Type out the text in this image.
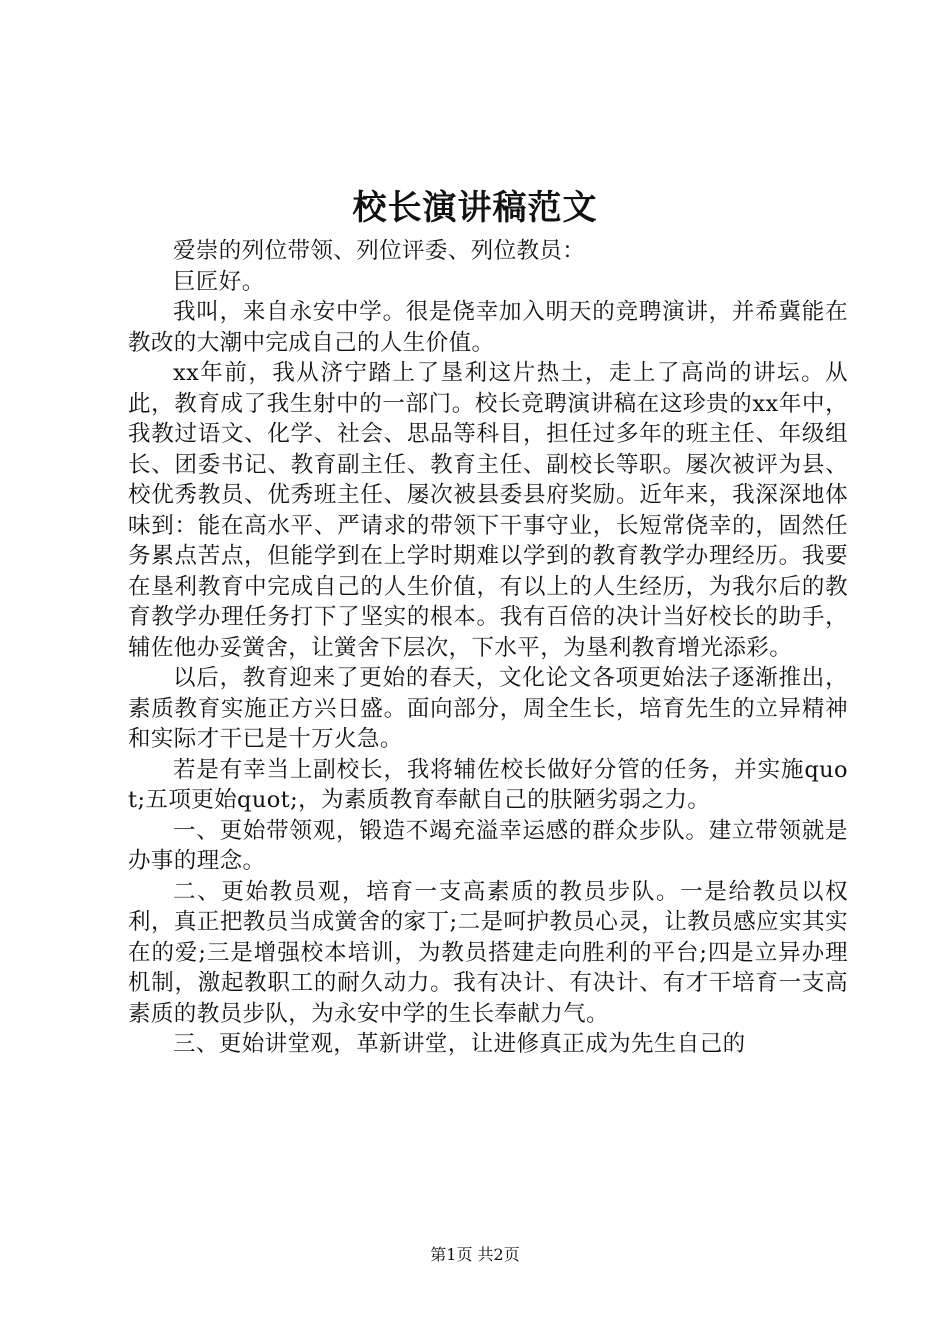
校长演讲稿范文

爱崇的列位带领、列位评委、列位教员：

巨匠好。

我叫，来自永安中学。很是侥幸加入明天的竞聘演讲，并希冀能在教改的大潮中完成自己的人生价值。

xx年前，我从济宁踏上了垦利这片热土，走上了高尚的讲坛。从此，教育成了我生射中的一部门。校长竞聘演讲稿在这珍贵的xx年中，我教过语文、化学、社会、思品等科目，担任过多年的班主任、年级组长、团委书记、教育副主任、教育主任、副校长等职。屡次被评为县、校优秀教员、优秀班主任、屡次被县委县府奖励。近年来，我深深地体味到：能在高水平、严请求的带领下干事守业，长短常侥幸的，固然任务累点苦点，但能学到在上学时期难以学到的教育教学办理经历。我要在垦利教育中完成自己的人生价值，有以上的人生经历，为我尔后的教育教学办理任务打下了坚实的根本。我有百倍的决计当好校长的助手，辅佐他办妥黉舍，让黉舍下层次，下水平，为垦利教育增光添彩。

以后，教育迎来了更始的春天，文化论文各项更始法子逐渐推出，素质教育实施正方兴日盛。面向部分，周全生长，培育先生的立异精神和实际才干已是十万火急。

若是有幸当上副校长，我将辅佐校长做好分管的任务，并实施quot;五项更始quot;，为素质教育奉献自己的肤陋劣弱之力。

一、更始带领观，锻造不竭充溢幸运感的群众步队。建立带领就是办事的理念。

二、更始教员观，培育一支高素质的教员步队。一是给教员以权利，真正把教员当成黉舍的家丁;二是呵护教员心灵，让教员感应实其实在的爱;三是增强校本培训，为教员搭建走向胜利的平台;四是立异办理机制，激起教职工的耐久动力。我有决计、有决计、有才干培育一支高素质的教员步队，为永安中学的生长奉献力气。

三、更始讲堂观，革新讲堂，让进修真正成为先生自己的

第1页 共2页
